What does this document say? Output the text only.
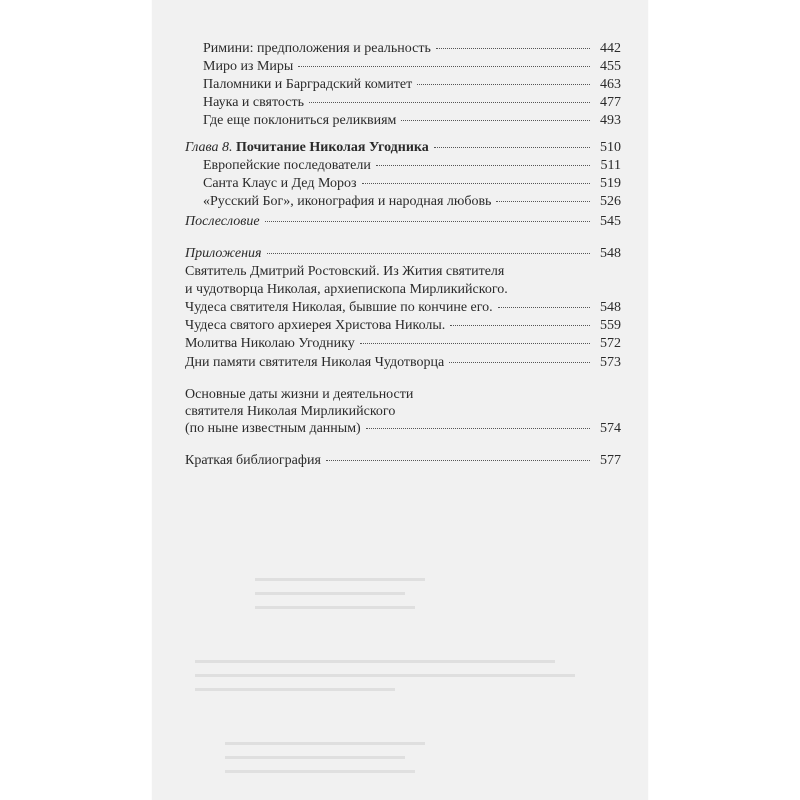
Римини: предположения и реальность	442
Миро из Миры	455
Паломники и Барградский комитет	463
Наука и святость	477
Где еще поклониться реликвиям	493
Глава 8. Почитание Николая Угодника	510
Европейские последователи	511
Санта Клаус и Дед Мороз	519
«Русский Бог», иконография и народная любовь	526
Послесловие	545
Приложения	548
Святитель Дмитрий Ростовский. Из Жития святителя
и чудотворца Николая, архиепископа Мирликийского.
Чудеса святителя Николая, бывшие по кончине его.	548
Чудеса святого архиерея Христова Николы.	559
Молитва Николаю Угоднику	572
Дни памяти святителя Николая Чудотворца	573
Основные даты жизни и деятельности
святителя Николая Мирликийского
(по ныне известным данным)	574
Краткая библиография	577
